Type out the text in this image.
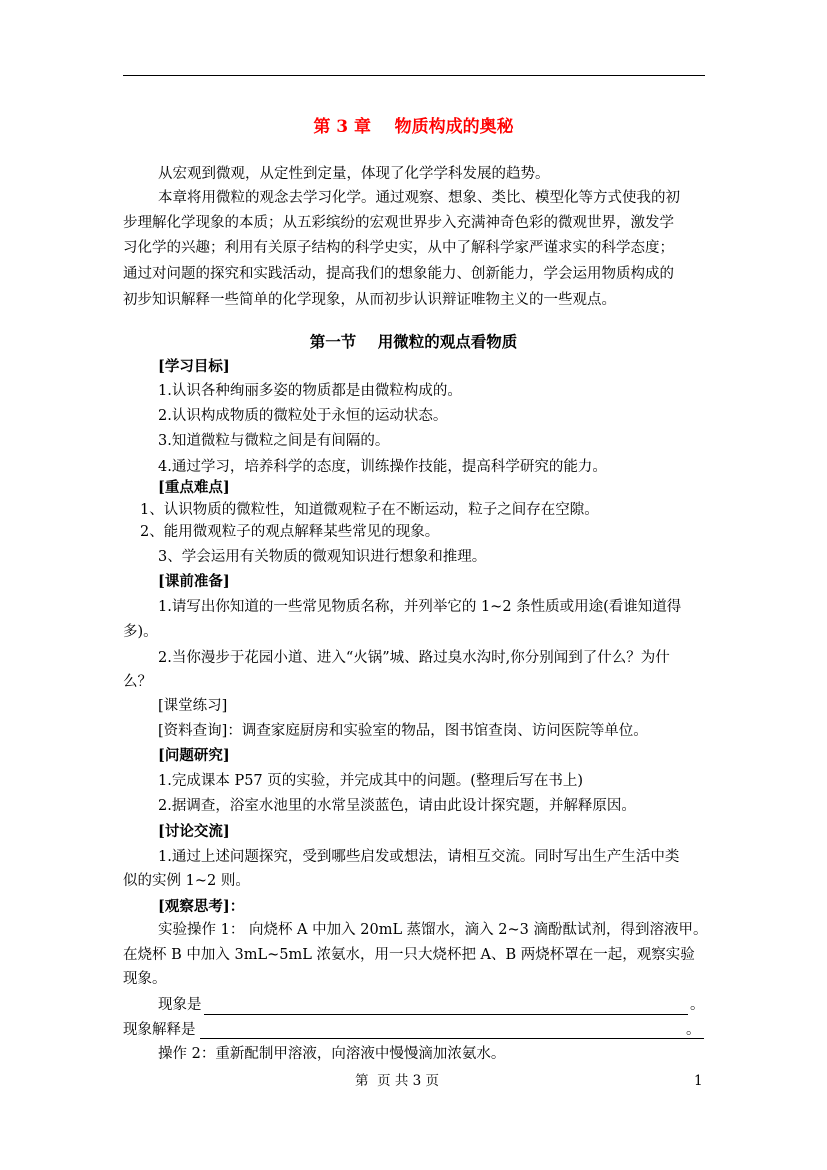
第 3 章    物质构成的奥秘
从宏观到微观，从定性到定量，体现了化学学科发展的趋势。
本章将用微粒的观念去学习化学。通过观察、想象、类比、模型化等方式使我的初
步理解化学现象的本质；从五彩缤纷的宏观世界步入充满神奇色彩的微观世界，激发学
习化学的兴趣；利用有关原子结构的科学史实，从中了解科学家严谨求实的科学态度；
通过对问题的探究和实践活动，提高我们的想象能力、创新能力，学会运用物质构成的
初步知识解释一些简单的化学现象，从而初步认识辩证唯物主义的一些观点。
第一节    用微粒的观点看物质
[学习目标]
1.认识各种绚丽多姿的物质都是由微粒构成的。
2.认识构成物质的微粒处于永恒的运动状态。
3.知道微粒与微粒之间是有间隔的。
4.通过学习，培养科学的态度，训练操作技能，提高科学研究的能力。
[重点难点]
1、认识物质的微粒性，知道微观粒子在不断运动，粒子之间存在空隙。
2、能用微观粒子的观点解释某些常见的现象。
3、学会运用有关物质的微观知识进行想象和推理。
[课前准备]
1.请写出你知道的一些常见物质名称，并列举它的 1~2 条性质或用途(看谁知道得
多)。
2.当你漫步于花园小道、进入“火锅”城、路过臭水沟时,你分别闻到了什么？为什
么？
[课堂练习]
[资料查询]：调查家庭厨房和实验室的物品，图书馆查岗、访问医院等单位。
[问题研究]
1.完成课本 P57 页的实验，并完成其中的问题。(整理后写在书上)
2.据调查，浴室水池里的水常呈淡蓝色，请由此设计探究题，并解释原因。
[讨论交流]
1.通过上述问题探究，受到哪些启发或想法，请相互交流。同时写出生产生活中类
似的实例 1~2 则。
[观察思考]：
实验操作 1： 向烧杯 A 中加入 20mL 蒸馏水，滴入 2~3 滴酚酞试剂，得到溶液甲。
在烧杯 B 中加入 3mL~5mL 浓氨水，用一只大烧杯把 A、B 两烧杯罩在一起，观察实验
现象。
现象是	。
现象解释是	。
操作 2：重新配制甲溶液，向溶液中慢慢滴加浓氨水。
第  页 共 3 页	1
